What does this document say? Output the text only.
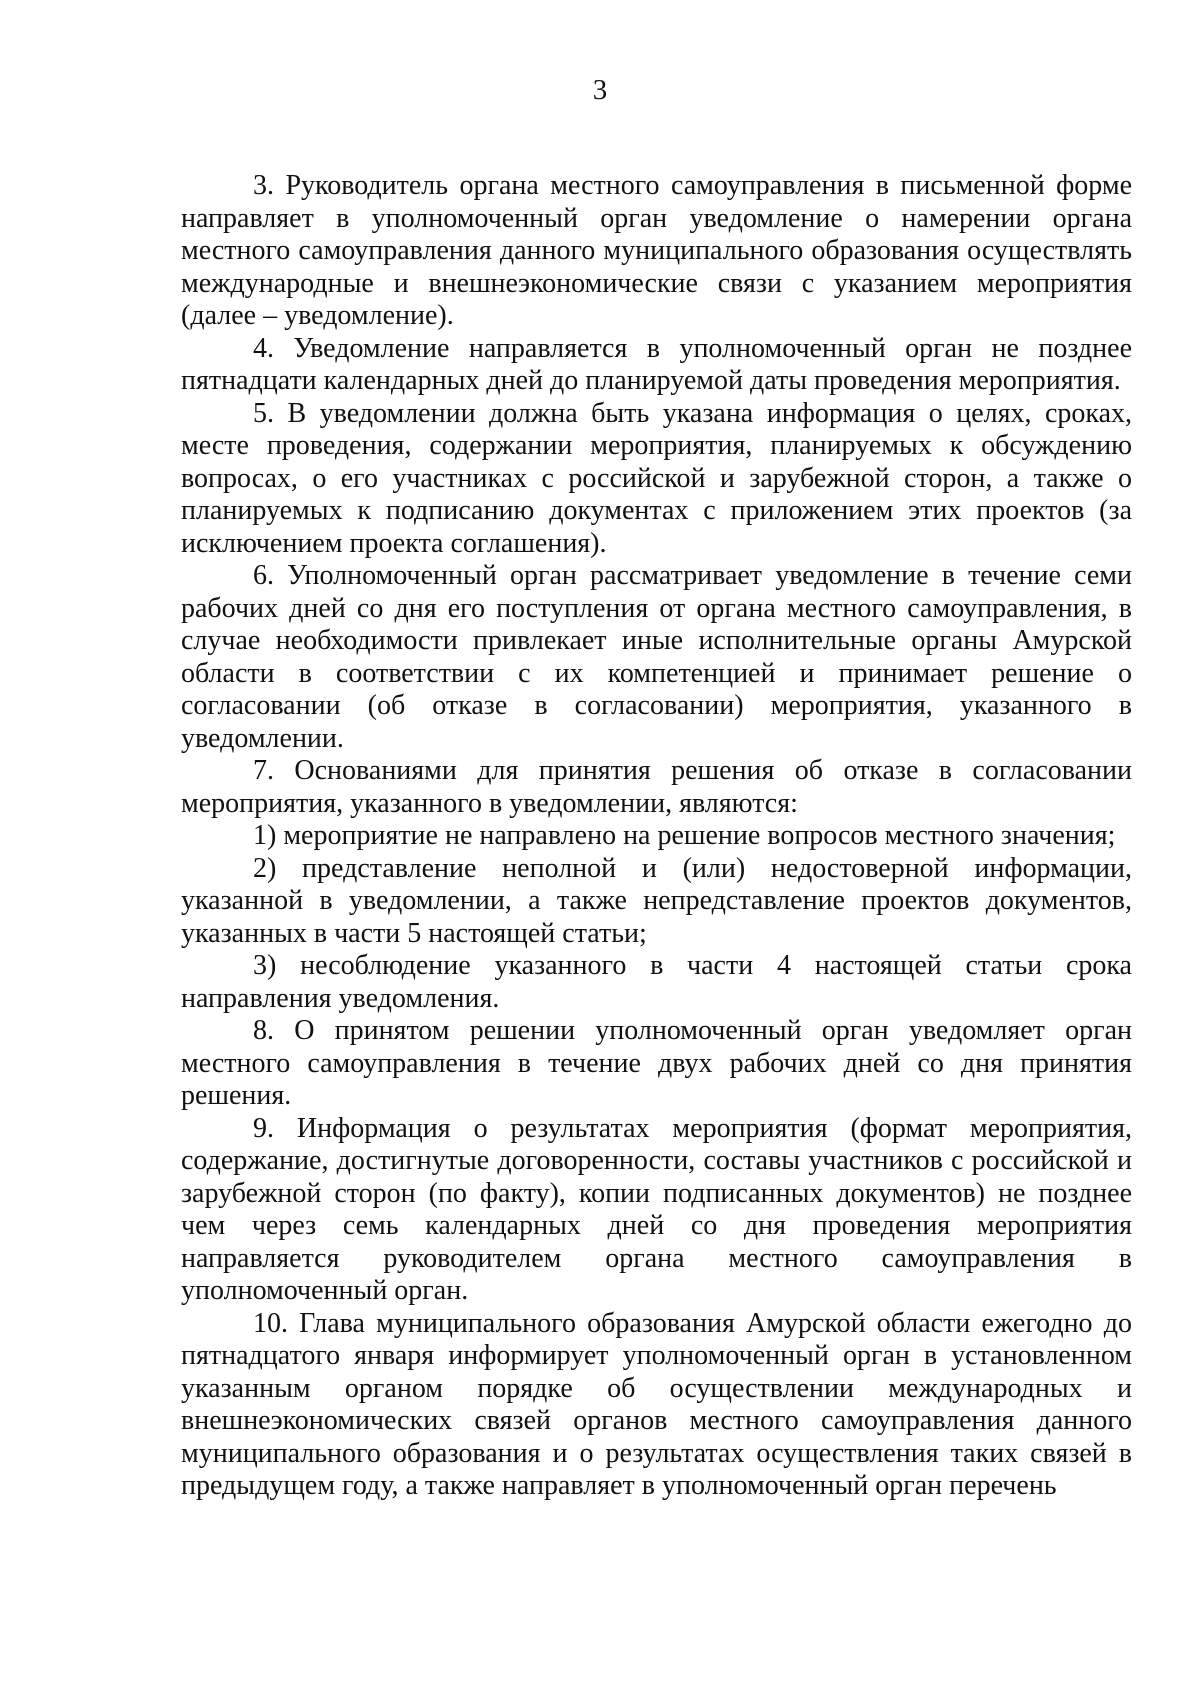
3

3. Руководитель органа местного самоуправления в письменной форме направляет в уполномоченный орган уведомление о намерении органа местного самоуправления данного муниципального образования осуществлять международные и внешнеэкономические связи с указанием мероприятия (далее – уведомление).

4. Уведомление направляется в уполномоченный орган не позднее пятнадцати календарных дней до планируемой даты проведения мероприятия.

5. В уведомлении должна быть указана информация о целях, сроках, месте проведения, содержании мероприятия, планируемых к обсуждению вопросах, о его участниках с российской и зарубежной сторон, а также о планируемых к подписанию документах с приложением этих проектов (за исключением проекта соглашения).

6. Уполномоченный орган рассматривает уведомление в течение семи рабочих дней со дня его поступления от органа местного самоуправления, в случае необходимости привлекает иные исполнительные органы Амурской области в соответствии с их компетенцией и принимает решение о согласовании (об отказе в согласовании) мероприятия, указанного в уведомлении.

7. Основаниями для принятия решения об отказе в согласовании мероприятия, указанного в уведомлении, являются:

1) мероприятие не направлено на решение вопросов местного значения;

2) представление неполной и (или) недостоверной информации, указанной в уведомлении, а также непредставление проектов документов, указанных в части 5 настоящей статьи;

3) несоблюдение указанного в части 4 настоящей статьи срока направления уведомления.

8. О принятом решении уполномоченный орган уведомляет орган местного самоуправления в течение двух рабочих дней со дня принятия решения.

9. Информация о результатах мероприятия (формат мероприятия, содержание, достигнутые договоренности, составы участников с российской и зарубежной сторон (по факту), копии подписанных документов) не позднее чем через семь календарных дней со дня проведения мероприятия направляется руководителем органа местного самоуправления в уполномоченный орган.

10. Глава муниципального образования Амурской области ежегодно до пятнадцатого января информирует уполномоченный орган в установленном указанным органом порядке об осуществлении международных и внешнеэкономических связей органов местного самоуправления данного муниципального образования и о результатах осуществления таких связей в предыдущем году, а также направляет в уполномоченный орган перечень
